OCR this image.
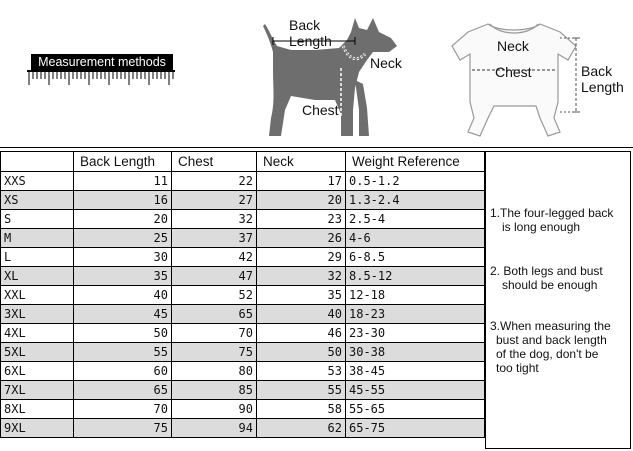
Measurement methods
Back
Length
Neck
Chest
Neck
Chest	Back
Length
	Back Length	Chest	Neck	Weight Reference
XXS	11	22	17	0.5-1.2
XS	16	27	20	1.3-2.4
S	20	32	23	2.5-4
M	25	37	26	4-6
L	30	42	29	6-8.5
XL	35	47	32	8.5-12
XXL	40	52	35	12-18
3XL	45	65	40	18-23
4XL	50	70	46	23-30
5XL	55	75	50	30-38
6XL	60	80	53	38-45
7XL	65	85	55	45-55
8XL	70	90	58	55-65
9XL	75	94	62	65-75
1.The four-legged back
is long enough
2. Both legs and bust
should be enough
3.When measuring the
bust and back length
of the dog, don't be
too tight
